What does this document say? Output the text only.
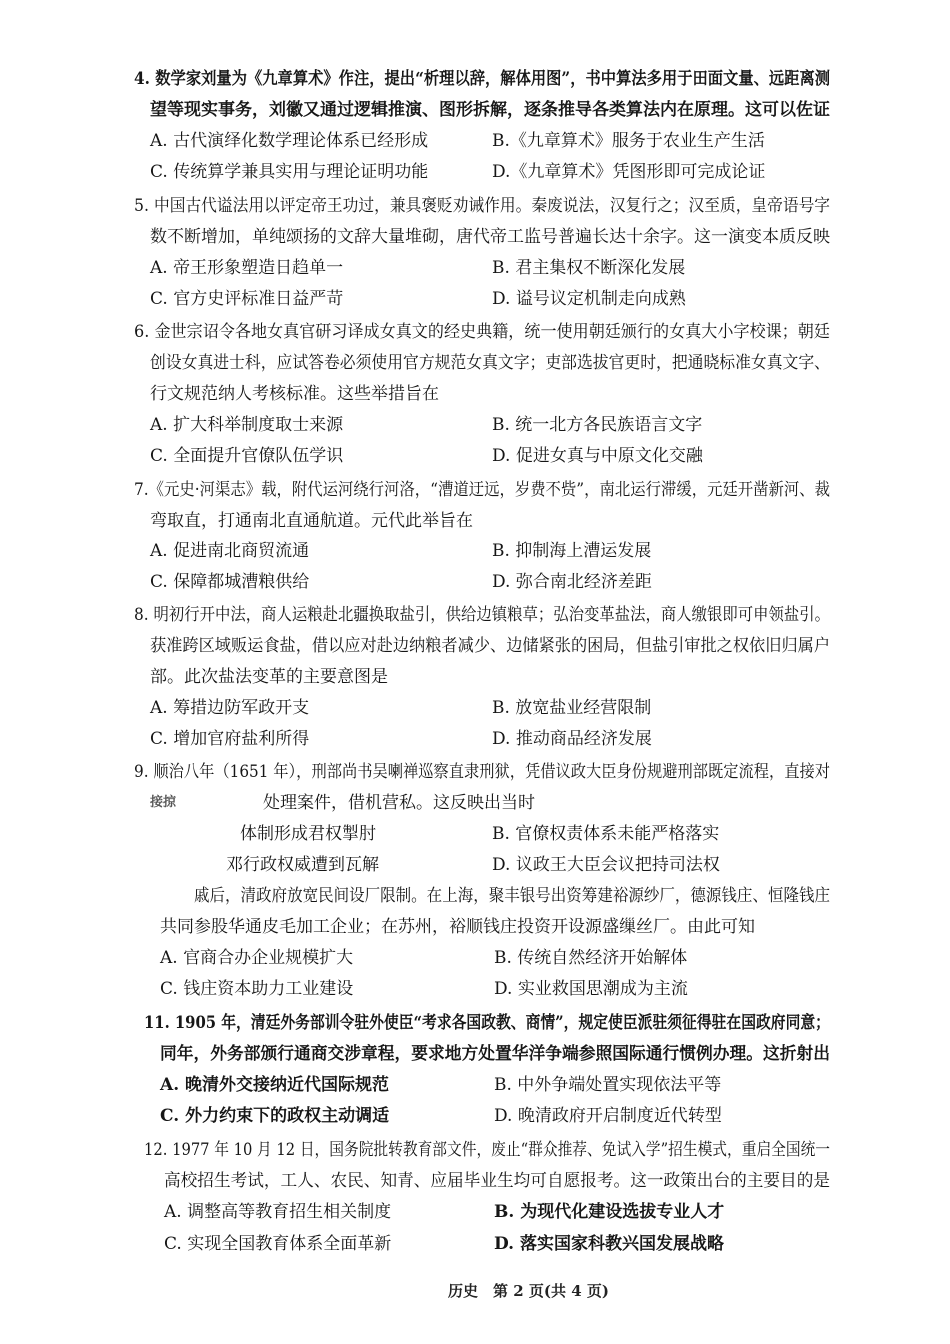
4. 数学家刘量为《九章算术》作注，提出“析理以辞，解体用图”，书中算法多用于田面文量、远距离测
望等现实事务，刘徽又通过逻辑推演、图形拆解，逐条推导各类算法内在原理。这可以佐证
A. 古代演绎化数学理论体系已经形成	B.《九章算术》服务于农业生产生活
C. 传统算学兼具实用与理论证明功能	D.《九章算术》凭图形即可完成论证
5. 中国古代谥法用以评定帝王功过，兼具褒贬劝诫作用。秦废说法，汉复行之；汉至质，皇帝语号字
数不断增加，单纯颂扬的文辞大量堆砌，唐代帝工监号普遍长达十余字。这一演变本质反映
A. 帝王形象塑造日趋单一	B. 君主集权不断深化发展
C. 官方史评标准日益严苛	D. 谥号议定机制走向成熟
6. 金世宗诏令各地女真官研习译成女真文的经史典籍，统一使用朝廷颁行的女真大小字校课；朝廷
创设女真进士科，应试答卷必须使用官方规范女真文字；吏部选拔官更时，把通晓标准女真文字、
行文规范纳人考核标准。这些举措旨在
A. 扩大科举制度取士来源	B. 统一北方各民族语言文字
C. 全面提升官僚队伍学识	D. 促进女真与中原文化交融
7.《元史·河渠志》载，附代运河绕行河洛，“漕道迂远，岁费不赀”，南北运行滞缓，元廷开凿新河、裁
弯取直，打通南北直通航道。元代此举旨在
A. 促进南北商贸流通	B. 抑制海上漕运发展
C. 保障都城漕粮供给	D. 弥合南北经济差距
8. 明初行开中法，商人运粮赴北疆换取盐引，供给边镇粮草；弘治变革盐法，商人缴银即可申领盐引。
获准跨区域贩运食盐，借以应对赴边纳粮者减少、边储紧张的困局，但盐引审批之权依旧归属户
部。此次盐法变革的主要意图是
A. 筹措边防军政开支	B. 放宽盐业经营限制
C. 增加官府盐利所得	D. 推动商品经济发展
9. 顺治八年（1651 年），刑部尚书吴喇禅巡察直隶刑狱，凭借议政大臣身份规避刑部既定流程，直接对
接掠	处理案件，借机营私。这反映出当时
体制形成君权掣肘	B. 官僚权责体系未能严格落实
邓行政权威遭到瓦解	D. 议政王大臣会议把持司法权
戚后，清政府放宽民间设厂限制。在上海，聚丰银号出资筹建裕源纱厂，德源钱庄、恒隆钱庄
共同参股华通皮毛加工企业；在苏州，裕顺钱庄投资开设源盛缫丝厂。由此可知
A. 官商合办企业规模扩大	B. 传统自然经济开始解体
C. 钱庄资本助力工业建设	D. 实业救国思潮成为主流
11. 1905 年，清廷外务部训令驻外使臣“考求各国政教、商情”，规定使臣派驻须征得驻在国政府同意；
同年，外务部颁行通商交涉章程，要求地方处置华洋争端参照国际通行惯例办理。这折射出
A. 晚清外交接纳近代国际规范	B. 中外争端处置实现依法平等
C. 外力约束下的政权主动调适	D. 晚清政府开启制度近代转型
12. 1977 年 10 月 12 日，国务院批转教育部文件，废止“群众推荐、免试入学”招生模式，重启全国统一
高校招生考试，工人、农民、知青、应届毕业生均可自愿报考。这一政策出台的主要目的是
A. 调整高等教育招生相关制度	B. 为现代化建设选拔专业人才
C. 实现全国教育体系全面革新	D. 落实国家科教兴国发展战略
历史　第 2 页(共 4 页)
